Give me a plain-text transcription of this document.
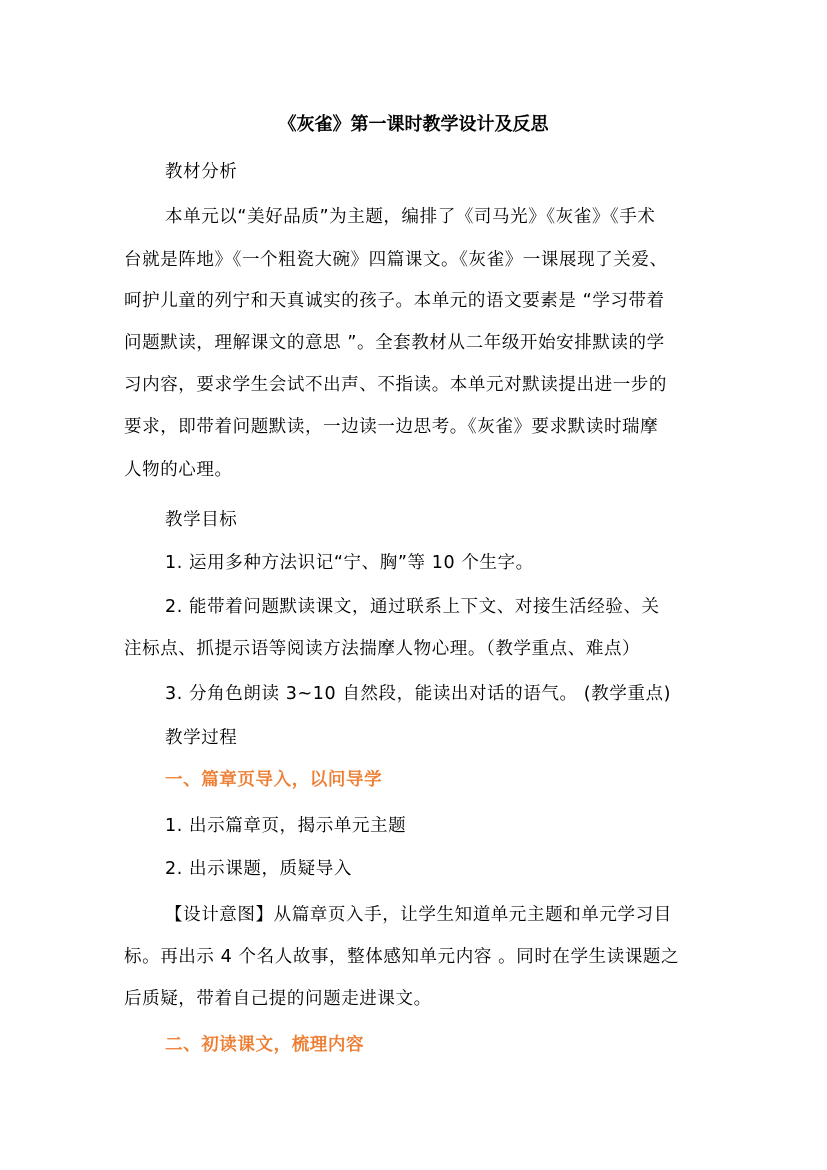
《灰雀》第一课时教学设计及反思
教材分析
本单元以“美好品质”为主题，编排了《司马光》《灰雀》《手术
台就是阵地》《一个粗瓷大碗》四篇课文。《灰雀》一课展现了关爱、
呵护儿童的列宁和天真诚实的孩子。本单元的语文要素是 “学习带着
问题默读，理解课文的意思 ”。全套教材从二年级开始安排默读的学
习内容，要求学生会试不出声、不指读。本单元对默读提出进一步的
要求，即带着问题默读，一边读一边思考。《灰雀》要求默读时瑞摩
人物的心理。
教学目标
1. 运用多种方法识记“宁、胸”等 10 个生字。
2. 能带着问题默读课文，通过联系上下文、对接生活经验、关
注标点、抓提示语等阅读方法揣摩人物心理。（教学重点、难点）
3. 分角色朗读 3~10 自然段，能读出对话的语气。 (教学重点)
教学过程
一、篇章页导入，以问导学
1. 出示篇章页，揭示单元主题
2. 出示课题，质疑导入
【设计意图】从篇章页入手，让学生知道单元主题和单元学习目
标。再出示 4 个名人故事，整体感知单元内容 。同时在学生读课题之
后质疑，带着自己提的问题走进课文。
二、初读课文，梳理内容
